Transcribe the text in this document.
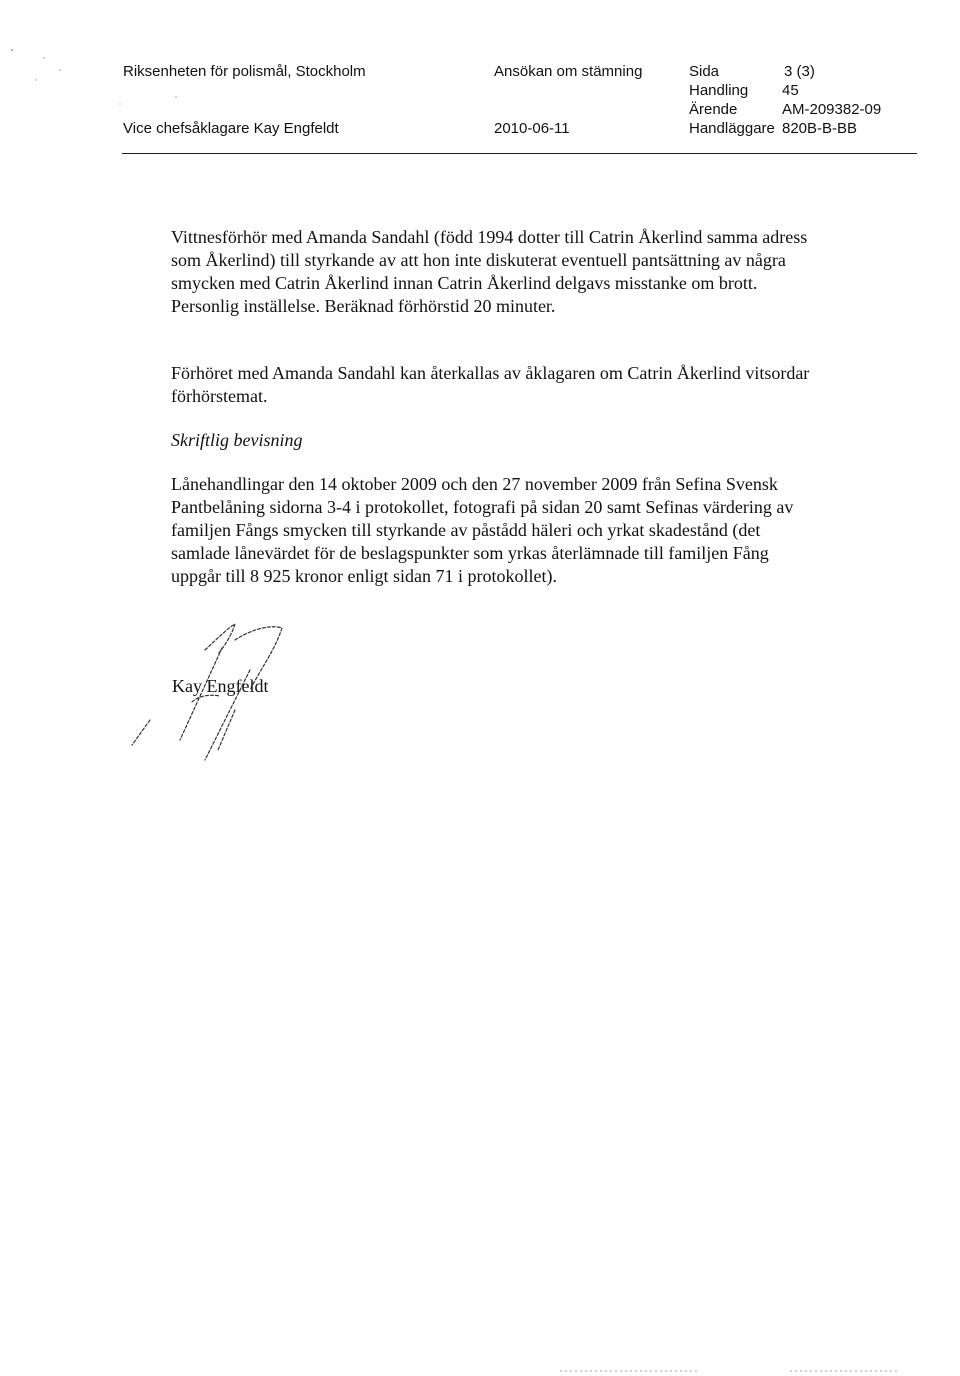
Riksenheten för polismål, Stockholm
Vice chefsåklagare Kay Engfeldt
Ansökan om stämning
2010-06-11
Sida	3 (3)
Handling	45
Ärende	AM-209382-09
Handläggare 820B-B-BB

Vittnesförhör med Amanda Sandahl (född 1994 dotter till Catrin Åkerlind samma adress som Åkerlind) till styrkande av att hon inte diskuterat eventuell pantsättning av några smycken med Catrin Åkerlind innan Catrin Åkerlind delgavs misstanke om brott. Personlig inställelse. Beräknad förhörstid 20 minuter.

Förhöret med Amanda Sandahl kan återkallas av åklagaren om Catrin Åkerlind vitsordar förhörstemat.

Skriftlig bevisning

Lånehandlingar den 14 oktober 2009 och den 27 november 2009 från Sefina Svensk Pantbelåning sidorna 3-4 i protokollet, fotografi på sidan 20 samt Sefinas värdering av familjen Fångs smycken till styrkande av påstådd häleri och yrkat skadestånd (det samlade lånevärdet för de beslagspunkter som yrkas återlämnade till familjen Fång uppgår till 8 925 kronor enligt sidan 71 i protokollet).

Kay Engfeldt
